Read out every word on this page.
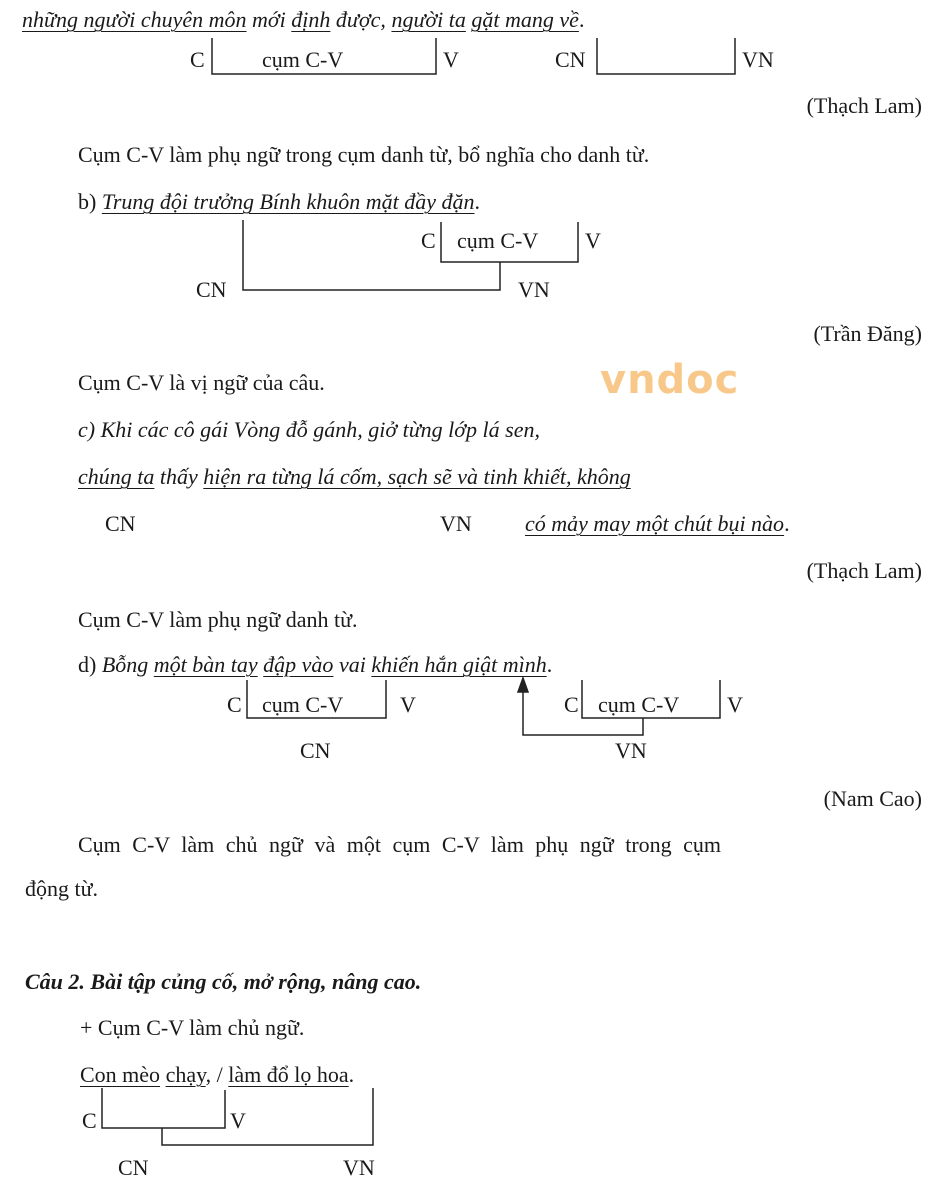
vndoc
những người chuyên môn mới định được, người ta gặt mang về.
C	cụm C-V	V	CN	VN
(Thạch Lam)
Cụm C-V làm phụ ngữ trong cụm danh từ, bổ nghĩa cho danh từ.
b) Trung đội trưởng Bính khuôn mặt đầy đặn.
C cụm C-V V
CN	VN
(Trần Đăng)
Cụm C-V là vị ngữ của câu.
c) Khi các cô gái Vòng đỗ gánh, giở từng lớp lá sen,
chúng ta thấy hiện ra từng lá cốm, sạch sẽ và tinh khiết, không
CN	VN có mảy may một chút bụi nào.
(Thạch Lam)
Cụm C-V làm phụ ngữ danh từ.
d) Bỗng một bàn tay đập vào vai khiến hắn giật mình.
C cụm C-V	V
CN
C cụm C-V V
VN
(Nam Cao)
Cụm C-V làm chủ ngữ và một cụm C-V làm phụ ngữ trong cụm
động từ.
Câu 2. Bài tập củng cố, mở rộng, nâng cao.
+ Cụm C-V làm chủ ngữ.
Con mèo chạy, / làm đổ lọ hoa.
C	V
CN	VN
